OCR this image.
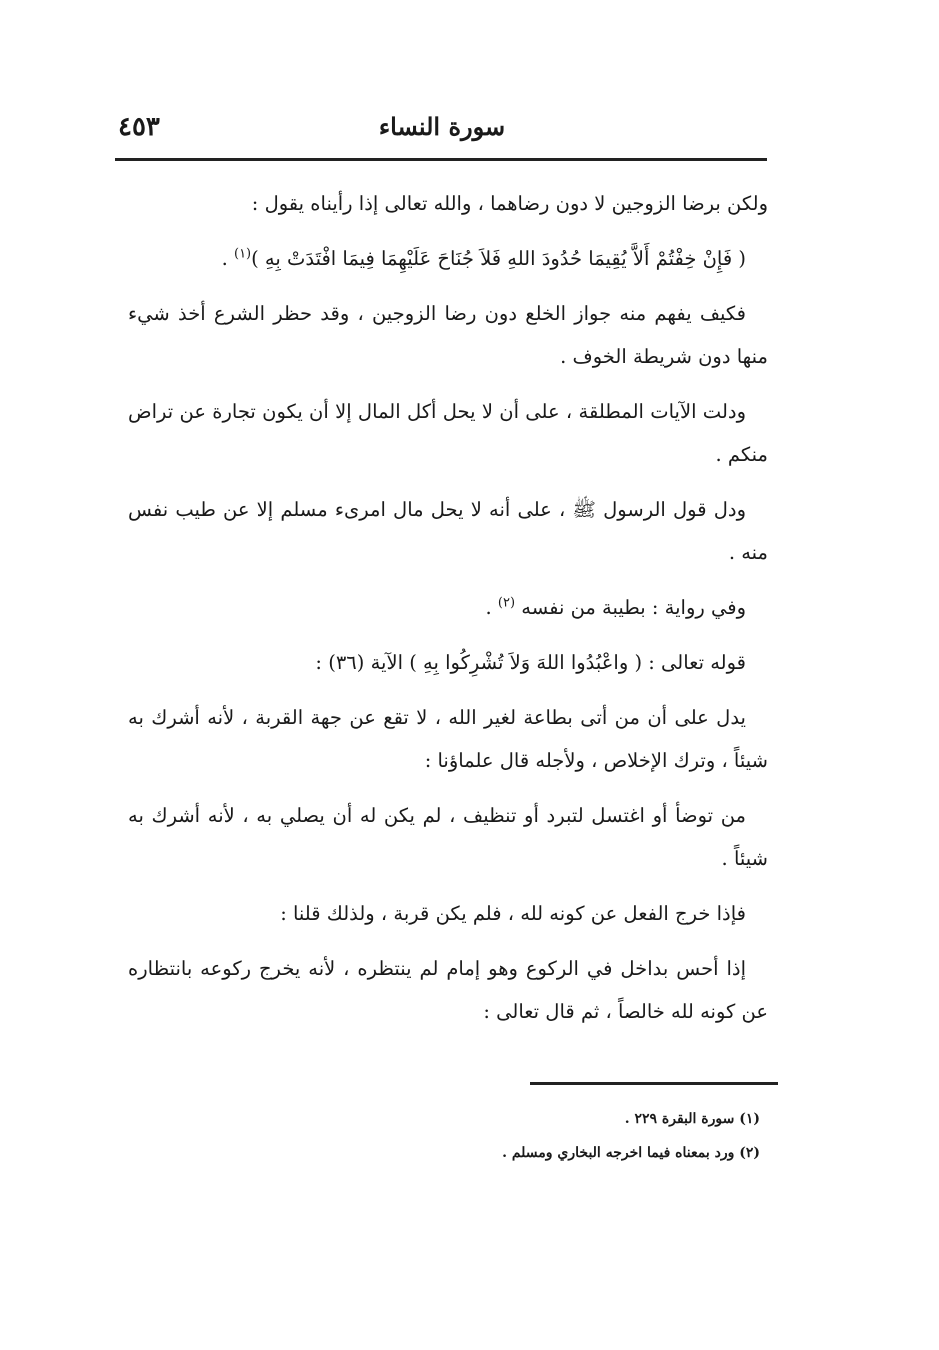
٤٥٣	سورة النساء

ولكن برضا الزوجين لا دون رضاهما ، والله تعالى إذا رأيناه يقول :

( فَإِنْ خِفْتُمْ أَلاَّ يُقِيمَا حُدُودَ اللهِ فَلاَ جُنَاحَ عَلَيْهِمَا فِيمَا افْتَدَتْ بِهِ )$^{(١)}$ .

فكيف يفهم منه جواز الخلع دون رضا الزوجين ، وقد حظر الشرع أخذ شيء منها دون شريطة الخوف .

ودلت الآيات المطلقة ، على أن لا يحل أكل المال إلا أن يكون تجارة عن تراض منكم .

ودل قول الرسول ﷺ ، على أنه لا يحل مال امرىء مسلم إلا عن طيب نفس منه .

وفي رواية : بطيبة من نفسه $^{(٢)}$ .

قوله تعالى : ( واعْبُدُوا اللهَ وَلاَ تُشْرِكُوا بِهِ ) الآية (٣٦) :

يدل على أن من أتى بطاعة لغير الله ، لا تقع عن جهة القربة ، لأنه أشرك به شيئاً ، وترك الإخلاص ، ولأجله قال علماؤنا :

من توضأ أو اغتسل لتبرد أو تنظيف ، لم يكن له أن يصلي به ، لأنه أشرك به شيئاً .

فإذا خرج الفعل عن كونه لله ، فلم يكن قربة ، ولذلك قلنا :

إذا أحس بداخل في الركوع وهو إمام لم ينتظره ، لأنه يخرج ركوعه بانتظاره عن كونه لله خالصاً ، ثم قال تعالى :

(١) سورة البقرة ٢٢٩ .

(٢) ورد بمعناه فيما اخرجه البخاري ومسلم .
